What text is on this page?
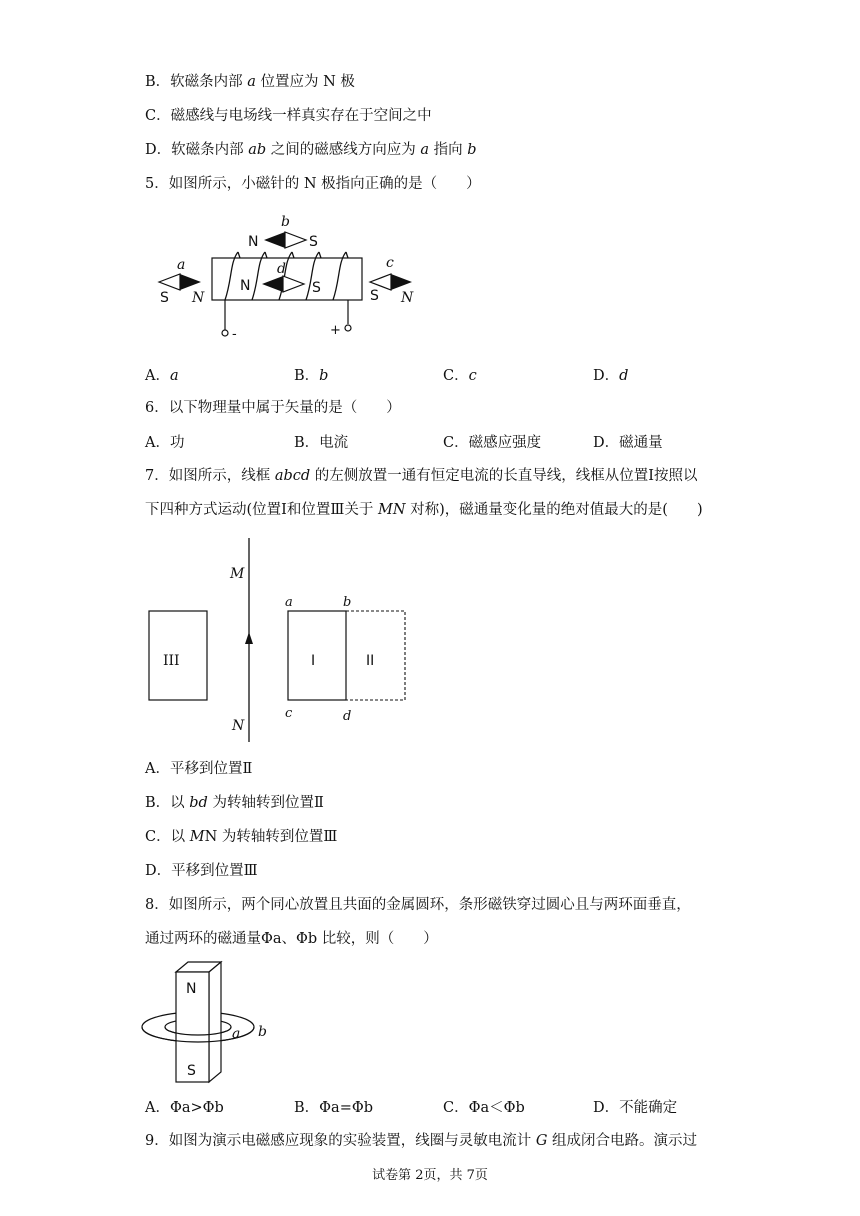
B．软磁条内部 a 位置应为 N 极
C．磁感线与电场线一样真实存在于空间之中
D．软磁条内部 ab 之间的磁感线方向应为 a 指向 b
5．如图所示，小磁针的 N 极指向正确的是（　　）
-	+
N	S
d
N	S
b
S N
a
S N
c
A．a	B．b	C．c	D．d
6．以下物理量中属于矢量的是（　　）
A．功	B．电流	C．磁感应强度	D．磁通量
7．如图所示，线框 abcd 的左侧放置一通有恒定电流的长直导线，线框从位置Ⅰ按照以
下四种方式运动(位置Ⅰ和位置Ⅲ关于 MN 对称)，磁通量变化量的绝对值最大的是(　　)
M
N
III	I	II
a	b
c	d
A．平移到位置Ⅱ
B．以 bd 为转轴转到位置Ⅱ
C．以 MN 为转轴转到位置Ⅲ
D．平移到位置Ⅲ
8．如图所示，两个同心放置且共面的金属圆环，条形磁铁穿过圆心且与两环面垂直，
通过两环的磁通量Φa、Φb 比较，则（　　）
N
S
a b
A．Φa>Φb	B．Φa=Φb	C．Φa＜Φb	D．不能确定
9．如图为演示电磁感应现象的实验装置，线圈与灵敏电流计 G 组成闭合电路。演示过
试卷第 2页，共 7页
